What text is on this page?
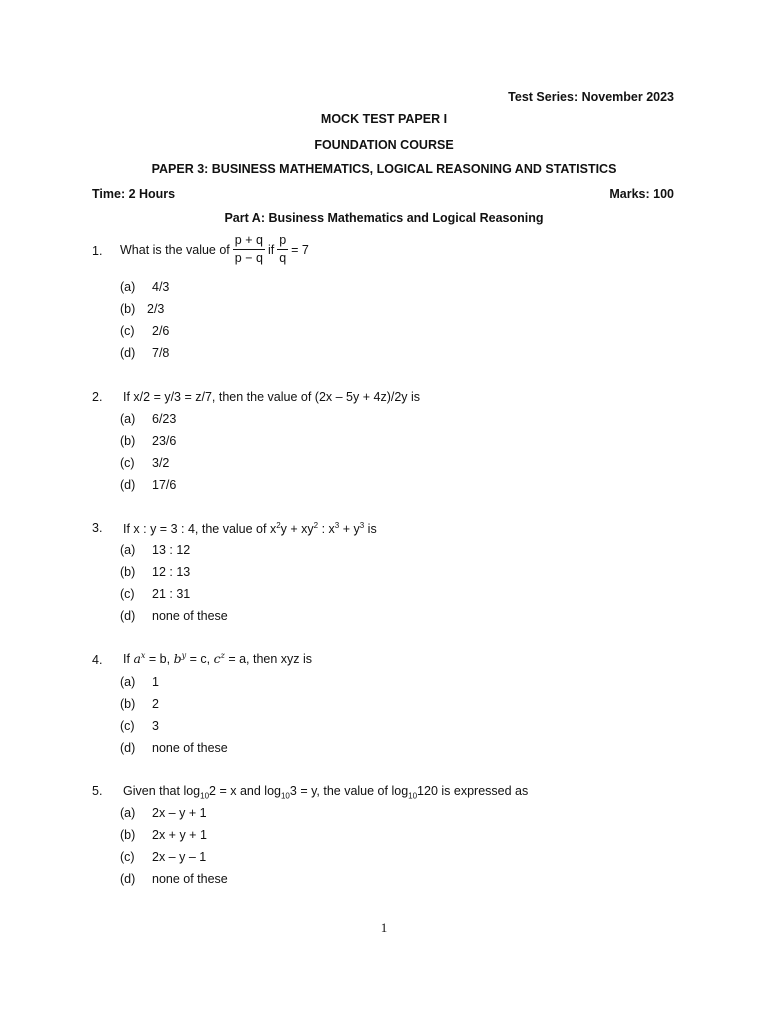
Test Series: November 2023
MOCK TEST PAPER I
FOUNDATION COURSE
PAPER 3: BUSINESS MATHEMATICS, LOGICAL REASONING AND STATISTICS
Time: 2 Hours	Marks: 100
Part A: Business Mathematics and Logical Reasoning
1. What is the value of $\frac{p + q}{p - q}$ if $\frac{p}{q} = 7$
(a) 4/3
(b) 2/3
(c) 2/6
(d) 7/8
2. If x/2 = y/3 = z/7, then the value of (2x – 5y + 4z)/2y is
(a) 6/23
(b) 23/6
(c) 3/2
(d) 17/6
3. If x : y = 3 : 4, the value of $x^2y + xy^2$ : $x^3 + y^3$ is
(a) 13 : 12
(b) 12 : 13
(c) 21 : 31
(d) none of these
4. If $a^x = b$, $b^y = c$, $c^z = a$, then xyz is
(a) 1
(b) 2
(c) 3
(d) none of these
5. Given that $\log_{10}2 = x$ and $\log_{10}3 = y$, the value of $\log_{10}120$ is expressed as
(a) 2x – y + 1
(b) 2x + y + 1
(c) 2x – y – 1
(d) none of these
1
